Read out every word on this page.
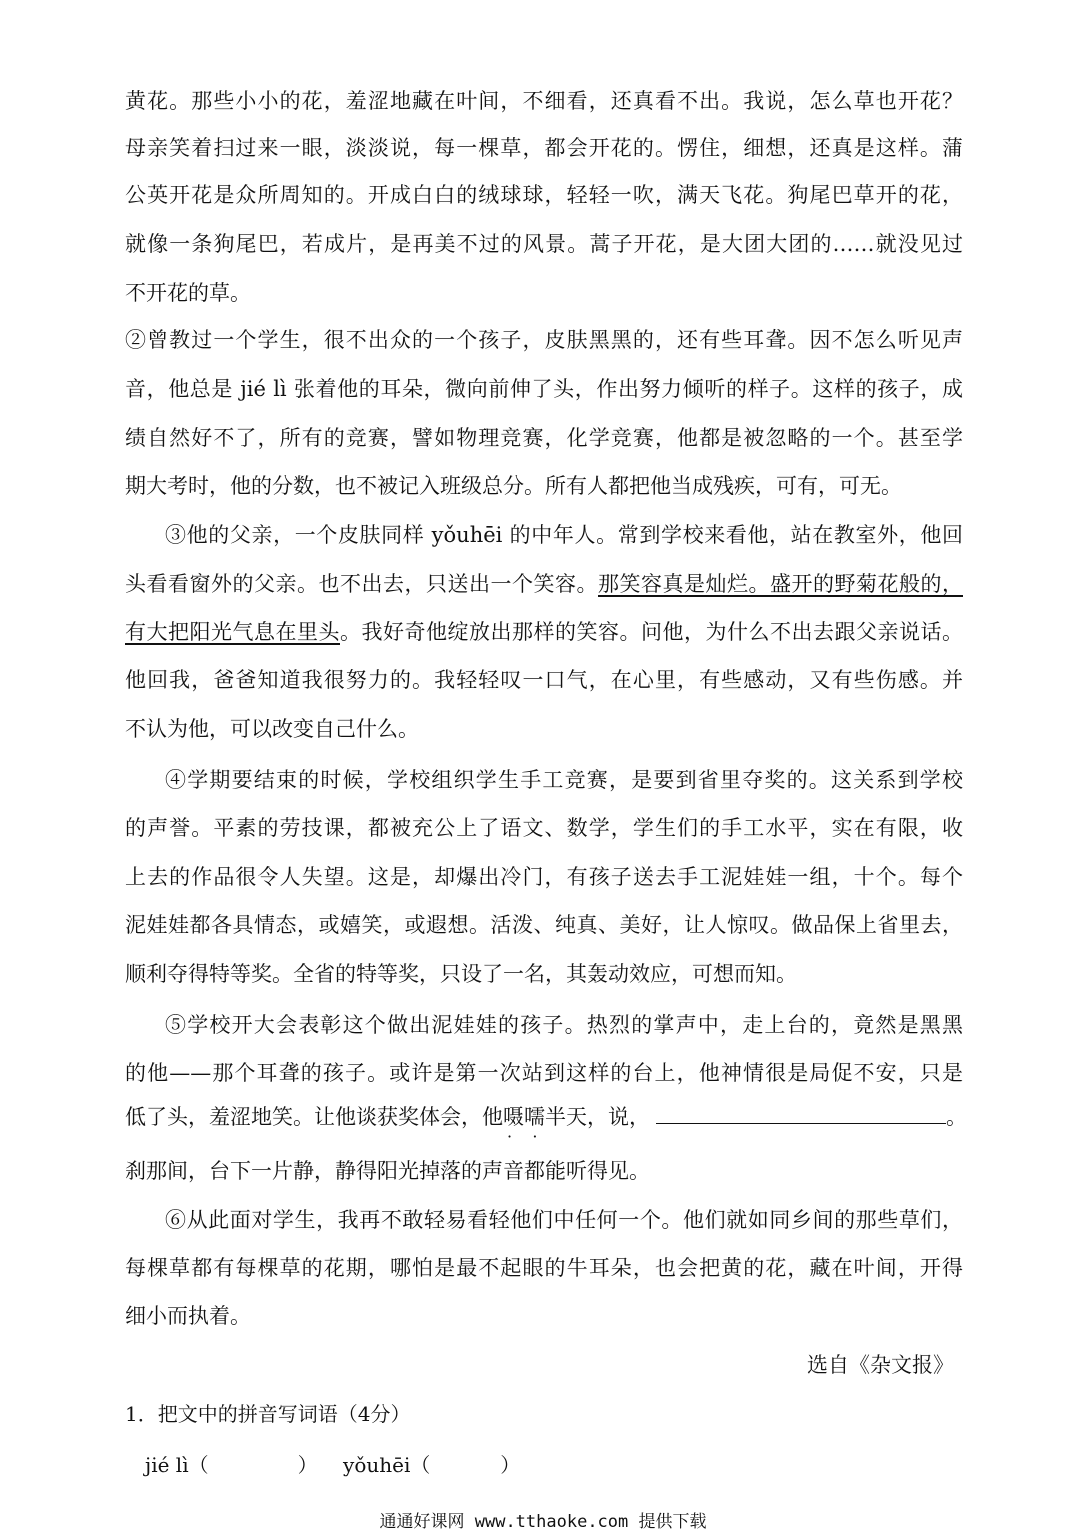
黄花。那些小小的花，羞涩地藏在叶间，不细看，还真看不出。我说，怎么草也开花？
母亲笑着扫过来一眼，淡淡说，每一棵草，都会开花的。愣住，细想，还真是这样。蒲
公英开花是众所周知的。开成白白的绒球球，轻轻一吹，满天飞花。狗尾巴草开的花，
就像一条狗尾巴，若成片，是再美不过的风景。蒿子开花，是大团大团的……就没见过
不开花的草。
②曾教过一个学生，很不出众的一个孩子，皮肤黑黑的，还有些耳聋。因不怎么听见声
音，他总是 jié lì 张着他的耳朵，微向前伸了头，作出努力倾听的样子。这样的孩子，成
绩自然好不了，所有的竞赛，譬如物理竞赛，化学竞赛，他都是被忽略的一个。甚至学
期大考时，他的分数，也不被记入班级总分。所有人都把他当成残疾，可有，可无。
③他的父亲，一个皮肤同样 yǒuhēi 的中年人。常到学校来看他，站在教室外，他回
头看看窗外的父亲。也不出去，只送出一个笑容。那笑容真是灿烂。盛开的野菊花般的，
有大把阳光气息在里头。我好奇他绽放出那样的笑容。问他，为什么不出去跟父亲说话。
他回我，爸爸知道我很努力的。我轻轻叹一口气，在心里，有些感动，又有些伤感。并
不认为他，可以改变自己什么。
④学期要结束的时候，学校组织学生手工竞赛，是要到省里夺奖的。这关系到学校
的声誉。平素的劳技课，都被充公上了语文、数学，学生们的手工水平，实在有限，收
上去的作品很令人失望。这是，却爆出冷门，有孩子送去手工泥娃娃一组，十个。每个
泥娃娃都各具情态，或嬉笑，或遐想。活泼、纯真、美好，让人惊叹。做品保上省里去，
顺利夺得特等奖。全省的特等奖，只设了一名，其轰动效应，可想而知。
⑤学校开大会表彰这个做出泥娃娃的孩子。热烈的掌声中，走上台的，竟然是黑黑
的他——那个耳聋的孩子。或许是第一次站到这样的台上，他神情很是局促不安，只是
低了头，羞涩地笑。让他谈获奖体会，他嗫嚅 · ·半天，说，	。
刹那间，台下一片静，静得阳光掉落的声音都能听得见。
⑥从此面对学生，我再不敢轻易看轻他们中任何一个。他们就如同乡间的那些草们，
每棵草都有每棵草的花期，哪怕是最不起眼的牛耳朵，也会把黄的花，藏在叶间，开得
细小而执着。
选自《杂文报》
1．把文中的拼音写词语（4分）
jié lì（              ）    yǒuhēi（           ）
通通好课网 www.tthaoke.com 提供下载
